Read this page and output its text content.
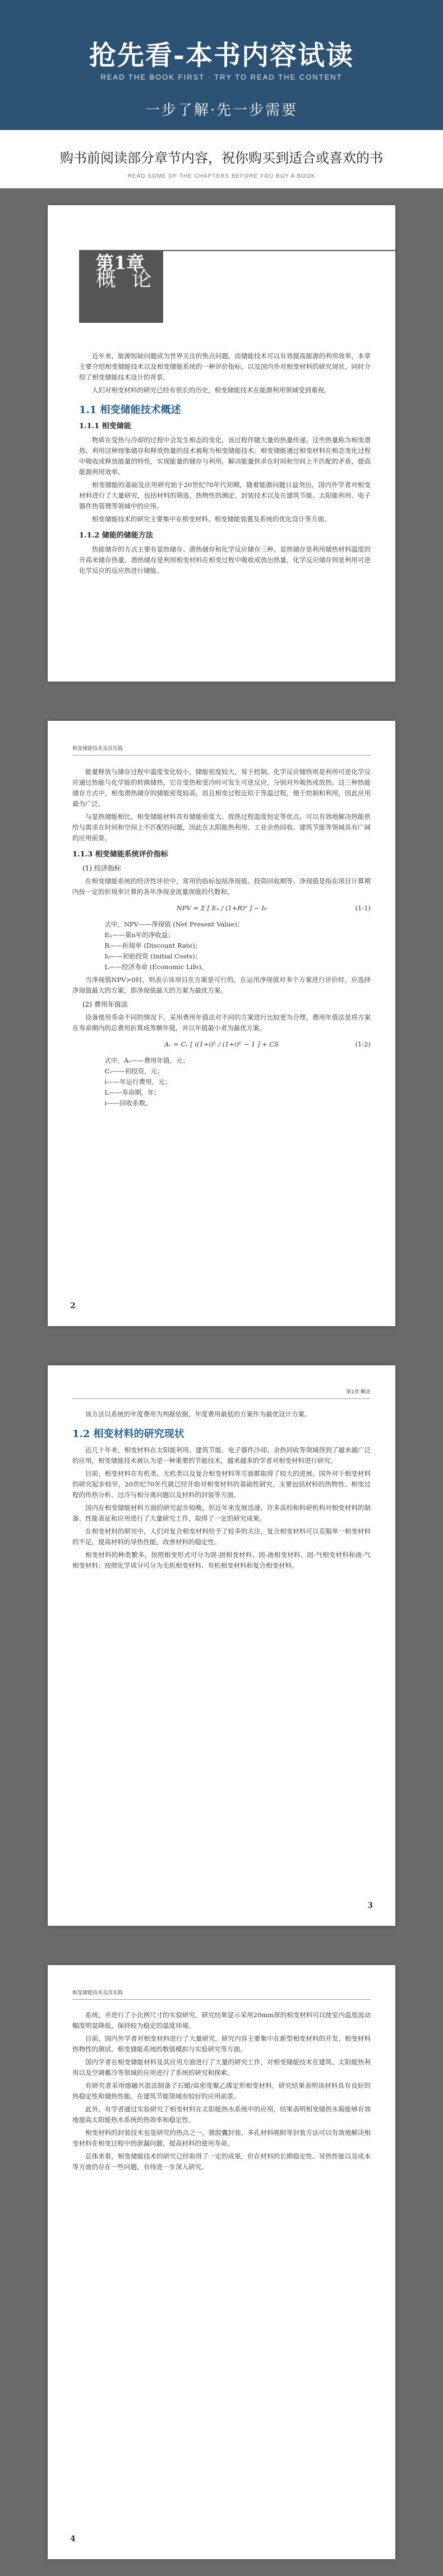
抢先看-本书内容试读
READ THE BOOK FIRST · TRY TO READ THE CONTENT
一步了解·先一步需要
购书前阅读部分章节内容，祝你购买到适合或喜欢的书
READ SOME OF THE CHAPTERS BEFORE YOU BUY A BOOK
第1章
概 论

近年来，能源短缺问题成为世界关注的焦点问题，而储能技术可以有效提高能源的利用效率，本章主要介绍相变储能技术以及相变储能系统的一种评价指标，以及国内外对相变材料的研究现状，同时介绍了相变储能技术设计的背景。

人们对相变材料的研究已经有很长的历史，相变储能技术在能源利用领域受到重视。

1.1 相变储能技术概述
1.1.1 相变储能

物质在受热与冷却的过程中会发生相态的变化，该过程伴随大量的热量传递。这些热量称为相变潜热，利用这种现象储存和释放热量的技术被称为相变储能技术。相变储能通过相变材料在相态变化过程中吸收或释放能量的特性，实现能量的储存与利用，解决能量供求在时间和空间上不匹配的矛盾，提高能源利用效率。

相变储能的基础及应用研究始于20世纪70年代初期，随着能源问题日益突出，国内外学者对相变材料进行了大量研究，包括材料的筛选、热物性的测定、封装技术以及在建筑节能、太阳能利用、电子器件热管理等领域中的应用。

相变储能技术的研究主要集中在相变材料、相变储能装置及系统的优化设计等方面。

1.1.2 储能的储能方法

热能储存的方式主要有显热储存、潜热储存和化学反应储存三种。显热储存是利用储热材料温度的升高来储存热量，潜热储存是利用相变材料在相变过程中吸收或放出热量，化学反应储存则是利用可逆化学反应的反应热进行储能。

相变储能技术及其实践

能量释放与储存过程中温度变化较小，储能密度较大，易于控制。化学反应储热则是利用可逆化学反应通过热能与化学能的转换储热，它在受热和受冷时可发生可逆反应，分别对外吸热或放热。这三种热能储存方式中，相变潜热储存的储能密度较高，而且相变过程近似于等温过程，便于控制和利用，因此应用最为广泛。

与显热储能相比，相变储能材料具有储能密度大、放热过程温度恒定等优点，可以有效地解决热能供给与需求在时间和空间上不匹配的问题，因此在太阳能热利用、工业余热回收、建筑节能等领域具有广阔的应用前景。

1.1.3 相变储能系统评价指标
(1) 经济指标

在相变储能系统的经济性评价中，常用的指标包括净现值、投资回收期等。净现值是指在项目计算期内按一定的折现率计算的各年净现金流量现值的代数和。

NPV = Σ [ Eₙ / (1+R)ⁿ ] − I₀	(1-1)
式中，NPV——净现值 (Net Present Value)；
Eₙ——第n年的净收益；
R——折现率 (Discount Rate)；
I₀——初始投资 (Initial Costs)；
L——经济寿命 (Economic Life)。

当净现值NPV>0时，则表示该项目在方案是可行的，在运用净现值对多个方案进行评价时，应选择净现值最大的方案，即净现值最大的方案为最优方案。

(2) 费用年值法

设备使用寿命不同的情况下，采用费用年值法对不同的方案进行比较更为合理。费用年值法是将方案在寿命期内的总费用折算成等额年值，并以年值最小者为最优方案。

Aᵥ = Cᵥ [ i(1+i)ᴸ / (1+i)ᴸ − 1 ] + CS	(1-2)
式中，Aᵥ——费用年值，元；
Cᵥ——初投资，元；
i——年运行费用，元；
L——寿命期，年；
i——回收系数。
2
第1章 概论

该方法以系统的年度费用为判据依据，年度费用最低的方案作为最优设计方案。

1.2 相变材料的研究现状

近几十年来，相变材料在太阳能利用、建筑节能、电子器件冷却、余热回收等领域得到了越来越广泛的应用，相变储能技术被认为是一种重要的节能技术，越来越多的学者对相变材料进行研究。

目前，相变材料在有机类、无机类以及复合相变材料等方面都取得了较大的进展。国外对于相变材料的研究起步较早，20世纪70年代就已经开始对相变材料的基础性研究，主要包括材料的热物性、相变过程的传热分析、过冷与相分离问题以及材料的封装等方面。

国内在相变储能材料方面的研究起步较晚，但近年来发展迅速，许多高校和科研机构对相变材料的制备、性能表征和应用进行了大量研究工作，取得了一定的研究成果。

在相变材料的研究中，人们对复合相变材料给予了较多的关注，复合相变材料可以克服单一相变材料的不足，提高材料的导热性能，改善材料的稳定性。

相变材料的种类繁多，按照相变形式可分为固-固相变材料、固-液相变材料、固-气相变材料和液-气相变材料；按照化学成分可分为无机相变材料、有机相变材料和复合相变材料。

3
相变储能技术及其实践

系统，并进行了小比例尺寸的实验研究，研究结果显示采用20mm厚的相变材料可以使室内温度波动幅度明显降低，保持较为稳定的温度环境。

目前，国内外学者对相变材料进行了大量研究，研究内容主要集中在新型相变材料的开发、相变材料热物性的测试、相变储能系统的数值模拟与实验研究等方面。

国内学者在相变储能材料及其应用方面进行了大量的研究工作，对相变储能技术在建筑、太阳能热利用以及空调蓄冷等领域的应用进行了系统的研究和探索。

有研究者采用熔融共混法制备了石蜡/高密度聚乙烯定形相变材料，研究结果表明该材料具有良好的热稳定性和储热性能，在建筑节能领域有较好的应用前景。

此外，有学者通过实验研究了相变材料在太阳能热水系统中的应用，结果表明相变储热水箱能够有效地提高太阳能热水系统的热效率和稳定性。

相变材料的封装技术也是研究的热点之一，微胶囊封装、多孔材料吸附等封装方法可以有效地解决相变材料在相变过程中的泄漏问题，提高材料的使用寿命。

总体来看，相变储能技术的研究已经取得了一定的成果，但在材料的长期稳定性、导热性能以及成本等方面仍存在一些问题，有待进一步深入研究。

4
